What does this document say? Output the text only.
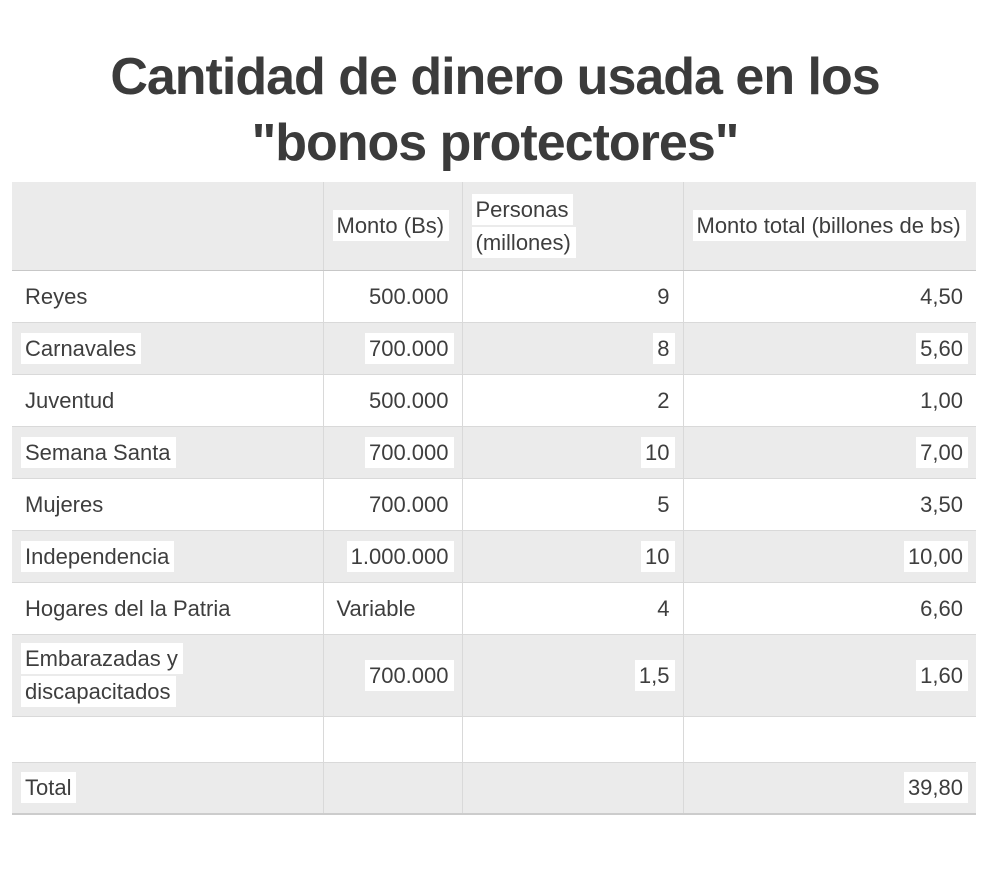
Cantidad de dinero usada en los
"bonos protectores"
	Monto (Bs)	Personas (millones)	Monto total (billones de bs)
Reyes	500.000	9	4,50
Carnavales	700.000	8	5,60
Juventud	500.000	2	1,00
Semana Santa	700.000	10	7,00
Mujeres	700.000	5	3,50
Independencia	1.000.000	10	10,00
Hogares del la Patria	Variable	4	6,60
Embarazadas y discapacitados	700.000	1,5	1,60

Total			39,80
